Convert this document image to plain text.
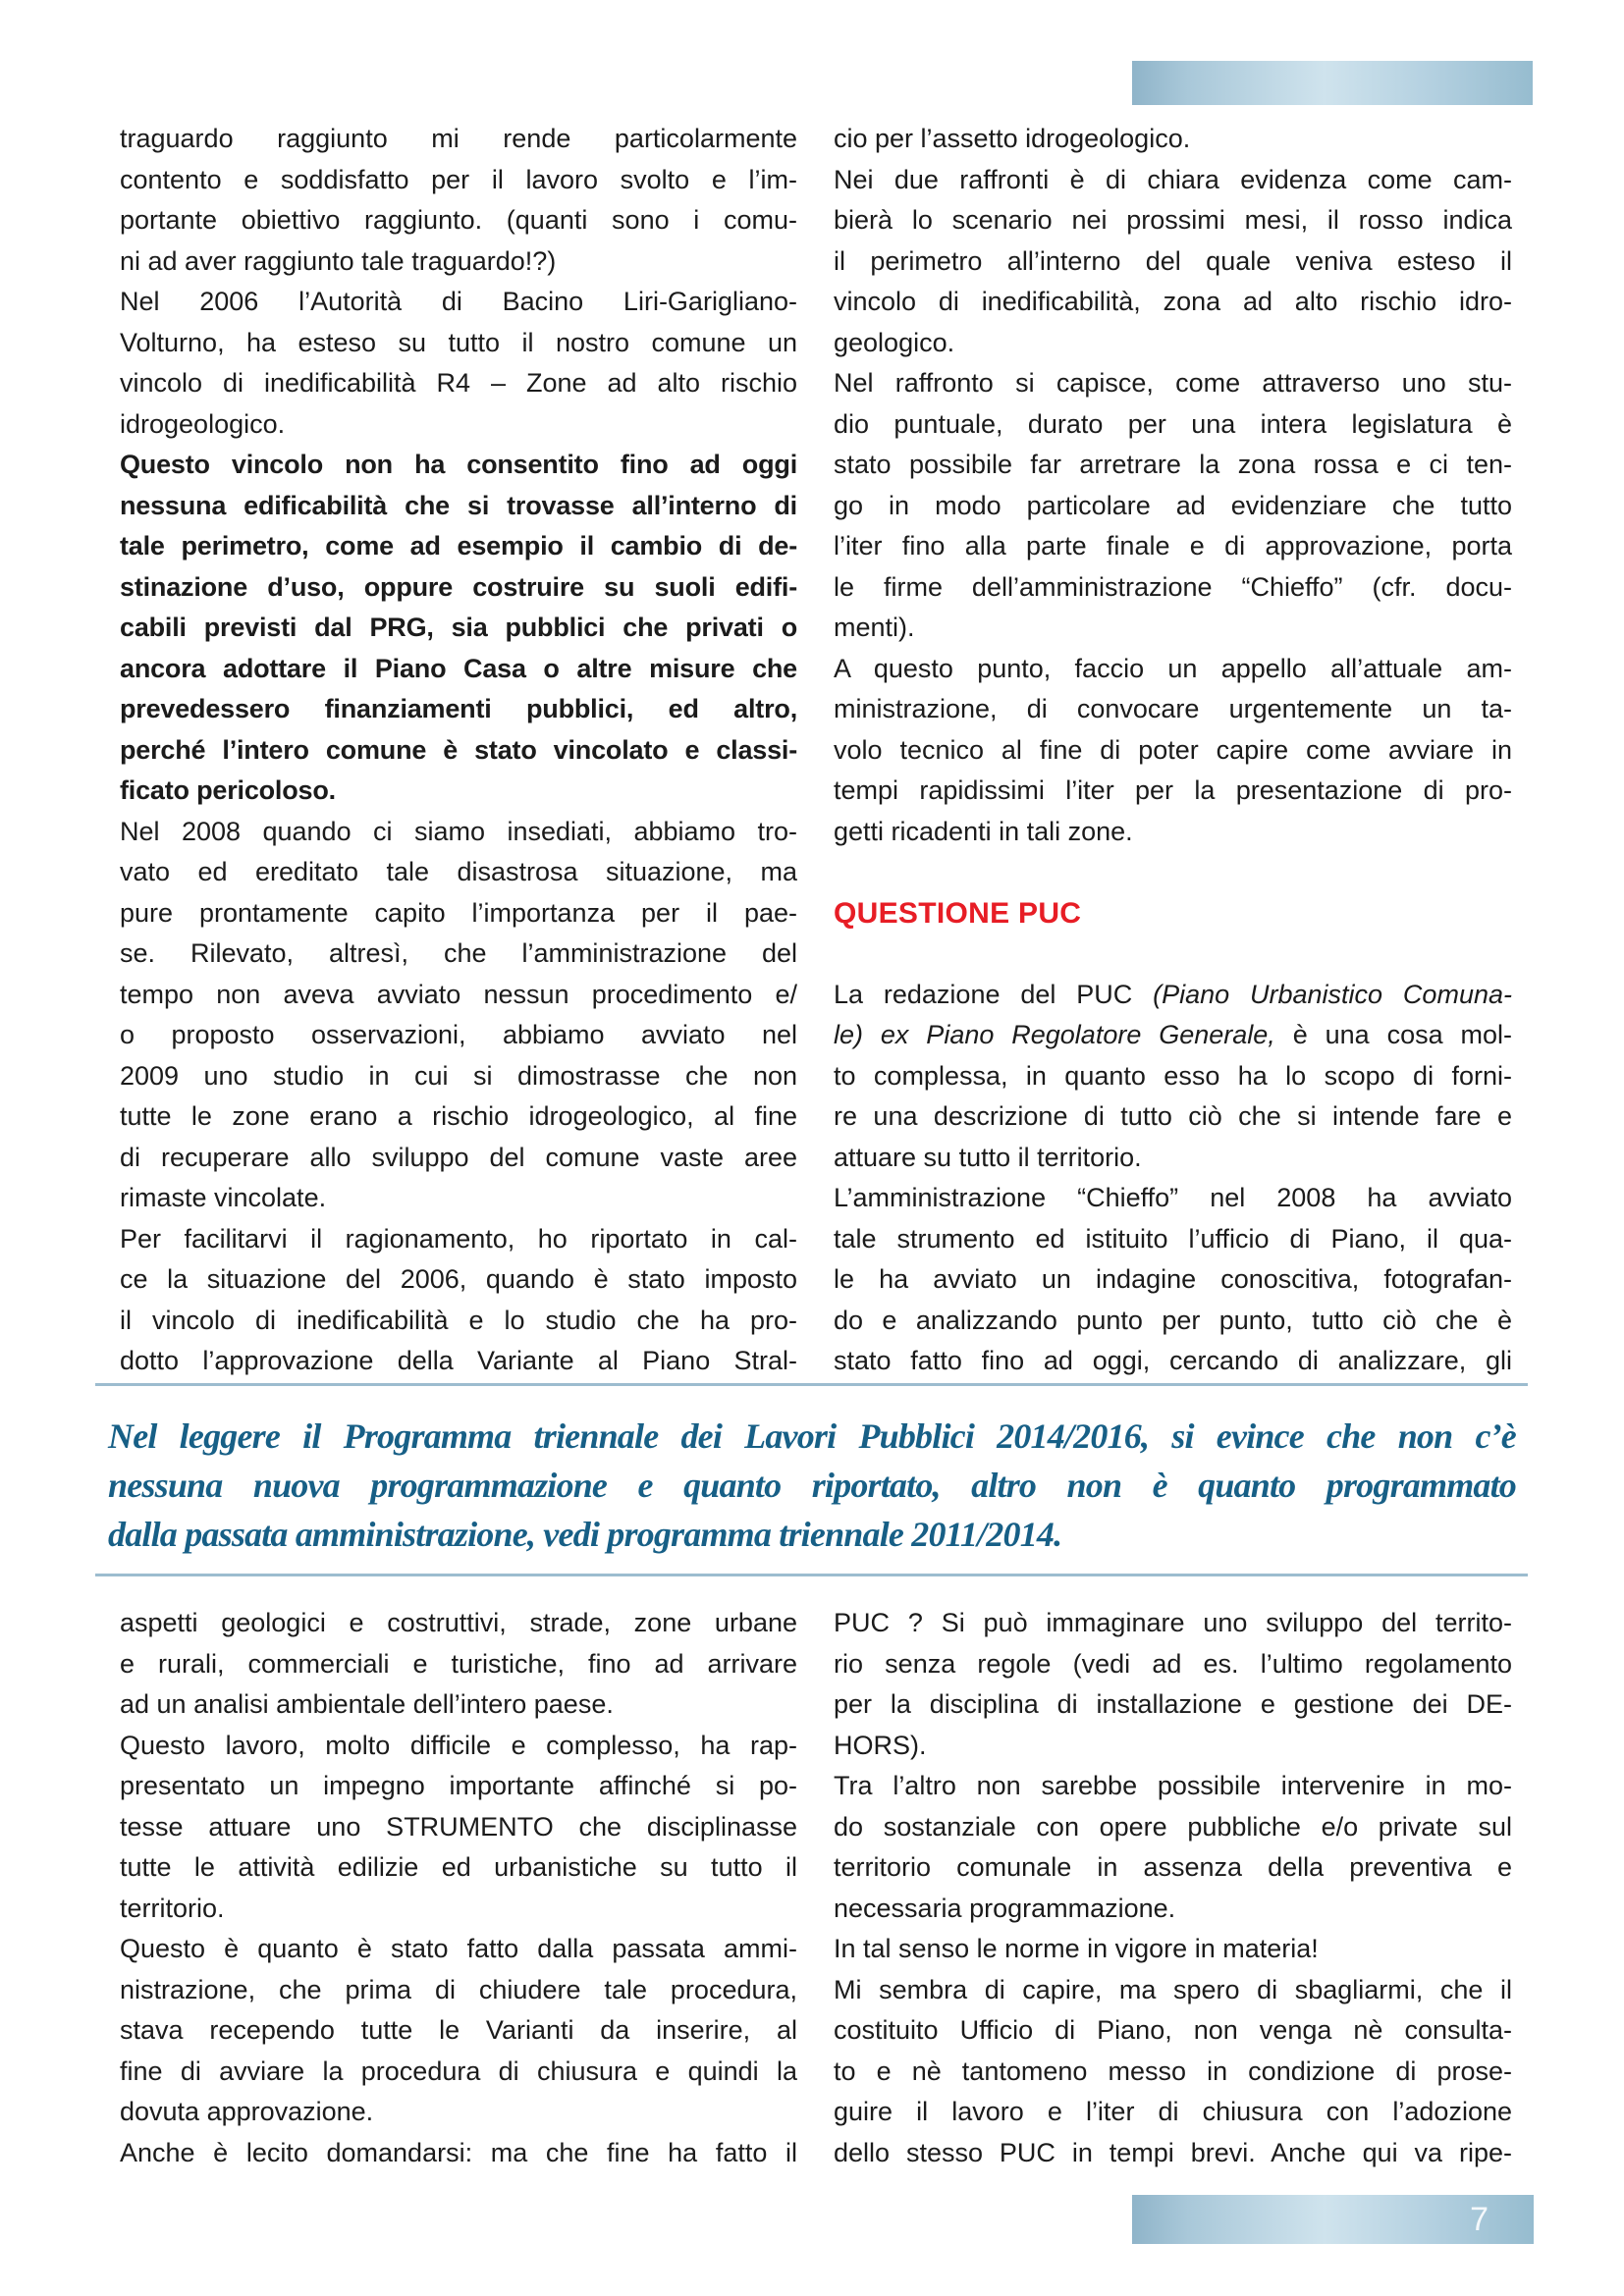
traguardo raggiunto mi rende particolarmente
contento e soddisfatto per il lavoro svolto e l’im-
portante obiettivo raggiunto. (quanti sono i comu-
ni ad aver raggiunto tale traguardo!?)
Nel 2006 l’Autorità di Bacino Liri-Garigliano-
Volturno, ha esteso su tutto il nostro comune un
vincolo di inedificabilità R4 – Zone ad alto rischio
idrogeologico.
Questo vincolo non ha consentito fino ad oggi
nessuna edificabilità che si trovasse all’interno di
tale perimetro, come ad esempio il cambio di de-
stinazione d’uso, oppure costruire su suoli edifi-
cabili previsti dal PRG, sia pubblici che privati o
ancora adottare il Piano Casa o altre misure che
prevedessero finanziamenti pubblici, ed altro,
perché l’intero comune è stato vincolato e classi-
ficato pericoloso.
Nel 2008 quando ci siamo insediati, abbiamo tro-
vato ed ereditato tale disastrosa situazione, ma
pure prontamente capito l’importanza per il pae-
se. Rilevato, altresì, che l’amministrazione del
tempo non aveva avviato nessun procedimento e/
o proposto osservazioni, abbiamo avviato nel
2009 uno studio in cui si dimostrasse che non
tutte le zone erano a rischio idrogeologico, al fine
di recuperare allo sviluppo del comune vaste aree
rimaste vincolate.
Per facilitarvi il ragionamento, ho riportato in cal-
ce la situazione del 2006, quando è stato imposto
il vincolo di inedificabilità e lo studio che ha pro-
dotto l’approvazione della Variante al Piano Stral-
cio per l’assetto idrogeologico.
Nei due raffronti è di chiara evidenza come cam-
bierà lo scenario nei prossimi mesi, il rosso indica
il perimetro all’interno del quale veniva esteso il
vincolo di inedificabilità, zona ad alto rischio idro-
geologico.
Nel raffronto si capisce, come attraverso uno stu-
dio puntuale, durato per una intera legislatura è
stato possibile far arretrare la zona rossa e ci ten-
go in modo particolare ad evidenziare che tutto
l’iter fino alla parte finale e di approvazione, porta
le firme dell’amministrazione “Chieffo” (cfr. docu-
menti).
A questo punto, faccio un appello all’attuale am-
ministrazione, di convocare urgentemente un ta-
volo tecnico al fine di poter capire come avviare in
tempi rapidissimi l’iter per la presentazione di pro-
getti ricadenti in tali zone.

QUESTIONE PUC

La redazione del PUC (Piano Urbanistico Comuna-
le) ex Piano Regolatore Generale, è una cosa mol-
to complessa, in quanto esso ha lo scopo di forni-
re una descrizione di tutto ciò che si intende fare e
attuare su tutto il territorio.
L’amministrazione “Chieffo” nel 2008 ha avviato
tale strumento ed istituito l’ufficio di Piano, il qua-
le ha avviato un indagine conoscitiva, fotografan-
do e analizzando punto per punto, tutto ciò che è
stato fatto fino ad oggi, cercando di analizzare, gli
Nel leggere il Programma triennale dei Lavori Pubblici 2014/2016, si evince che non c’è
nessuna nuova programmazione e quanto riportato, altro non è quanto programmato
dalla passata amministrazione, vedi programma triennale 2011/2014.
aspetti geologici e costruttivi, strade, zone urbane
e rurali, commerciali e turistiche, fino ad arrivare
ad un analisi ambientale dell’intero paese.
Questo lavoro, molto difficile e complesso, ha rap-
presentato un impegno importante affinché si po-
tesse attuare uno STRUMENTO che disciplinasse
tutte le attività edilizie ed urbanistiche su tutto il
territorio.
Questo è quanto è stato fatto dalla passata ammi-
nistrazione, che prima di chiudere tale procedura,
stava recependo tutte le Varianti da inserire, al
fine di avviare la procedura di chiusura e quindi la
dovuta approvazione.
Anche è lecito domandarsi: ma che fine ha fatto il
PUC ? Si può immaginare uno sviluppo del territo-
rio senza regole (vedi ad es. l’ultimo regolamento
per la disciplina di installazione e gestione dei DE-
HORS).
Tra l’altro non sarebbe possibile intervenire in mo-
do sostanziale con opere pubbliche e/o private sul
territorio comunale in assenza della preventiva e
necessaria programmazione.
In tal senso le norme in vigore in materia!
Mi sembra di capire, ma spero di sbagliarmi, che il
costituito Ufficio di Piano, non venga nè consulta-
to e nè tantomeno messo in condizione di prose-
guire il lavoro e l’iter di chiusura con l’adozione
dello stesso PUC in tempi brevi. Anche qui va ripe-
7
